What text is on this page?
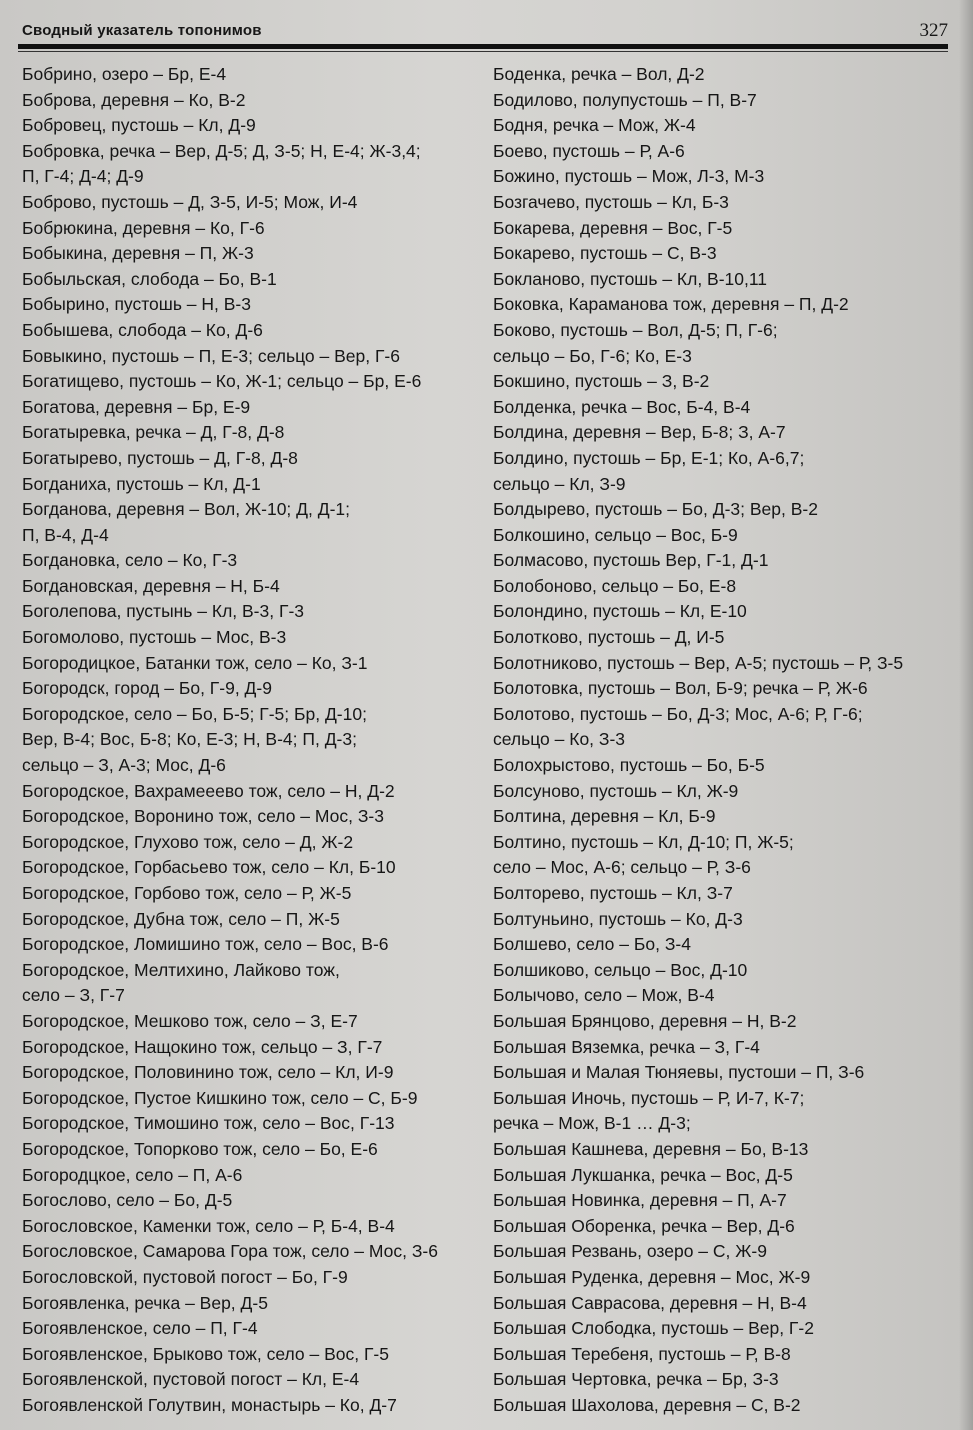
Сводный указатель топонимов	327
Бобрино, озеро – Бр, Е-4
Боброва, деревня – Ко, В-2
Бобровец, пустошь – Кл, Д-9
Бобровка, речка – Вер, Д-5; Д, З-5; Н, Е-4; Ж-3,4;
П, Г-4; Д-4; Д-9
Боброво, пустошь – Д, З-5, И-5; Мож, И-4
Бобрюкина, деревня – Ко, Г-6
Бобыкина, деревня – П, Ж-3
Бобыльская, слобода – Бо, В-1
Бобырино, пустошь – Н, В-3
Бобышева, слобода – Ко, Д-6
Бовыкино, пустошь – П, Е-3; сельцо – Вер, Г-6
Богатищево, пустошь – Ко, Ж-1; сельцо – Бр, Е-6
Богатова, деревня – Бр, Е-9
Богатыревка, речка – Д, Г-8, Д-8
Богатырево, пустошь – Д, Г-8, Д-8
Богданиха, пустошь – Кл, Д-1
Богданова, деревня – Вол, Ж-10; Д, Д-1;
П, В-4, Д-4
Богдановка, село – Ко, Г-3
Богдановская, деревня – Н, Б-4
Боголепова, пустынь – Кл, В-3, Г-3
Богомолово, пустошь – Мос, В-3
Богородицкое, Батанки тож, село – Ко, З-1
Богородск, город – Бо, Г-9, Д-9
Богородское, село – Бо, Б-5; Г-5; Бр, Д-10;
Вер, В-4; Вос, Б-8; Ко, Е-3; Н, В-4; П, Д-3;
сельцо – З, А-3; Мос, Д-6
Богородское, Вахрамееево тож, село – Н, Д-2
Богородское, Воронино тож, село – Мос, З-3
Богородское, Глухово тож, село – Д, Ж-2
Богородское, Горбасьево тож, село – Кл, Б-10
Богородское, Горбово тож, село – Р, Ж-5
Богородское, Дубна тож, село – П, Ж-5
Богородское, Ломишино тож, село – Вос, В-6
Богородское, Мелтихино, Лайково тож,
село – З, Г-7
Богородское, Мешково тож, село – З, Е-7
Богородское, Нащокино тож, сельцо – З, Г-7
Богородское, Половинино тож, село – Кл, И-9
Богородское, Пустое Кишкино тож, село – С, Б-9
Богородское, Тимошино тож, село – Вос, Г-13
Богородское, Топорково тож, село – Бо, Е-6
Богородцкое, село – П, А-6
Богослово, село – Бо, Д-5
Богословское, Каменки тож, село – Р, Б-4, В-4
Богословское, Самарова Гора тож, село – Мос, З-6
Богословской, пустовой погост – Бо, Г-9
Богоявленка, речка – Вер, Д-5
Богоявленское, село – П, Г-4
Богоявленское, Брыково тож, село – Вос, Г-5
Богоявленской, пустовой погост – Кл, Е-4
Богоявленской Голутвин, монастырь – Ко, Д-7
Боденка, речка – Вол, Д-2
Бодилово, полупустошь – П, В-7
Бодня, речка – Мож, Ж-4
Боево, пустошь – Р, А-6
Божино, пустошь – Мож, Л-3, М-3
Бозгачево, пустошь – Кл, Б-3
Бокарева, деревня – Вос, Г-5
Бокарево, пустошь – С, В-3
Бокланово, пустошь – Кл, В-10,11
Боковка, Караманова тож, деревня – П, Д-2
Боково, пустошь – Вол, Д-5; П, Г-6;
сельцо – Бо, Г-6; Ко, Е-3
Бокшино, пустошь – З, В-2
Болденка, речка – Вос, Б-4, В-4
Болдина, деревня – Вер, Б-8; З, А-7
Болдино, пустошь – Бр, Е-1; Ко, А-6,7;
сельцо – Кл, З-9
Болдырево, пустошь – Бо, Д-3; Вер, В-2
Болкошино, сельцо – Вос, Б-9
Болмасово, пустошь Вер, Г-1, Д-1
Болобоново, сельцо – Бо, Е-8
Болондино, пустошь – Кл, Е-10
Болотково, пустошь – Д, И-5
Болотниково, пустошь – Вер, А-5; пустошь – Р, З-5
Болотовка, пустошь – Вол, Б-9; речка – Р, Ж-6
Болотово, пустошь – Бо, Д-3; Мос, А-6; Р, Г-6;
сельцо – Ко, З-3
Болохрыстово, пустошь – Бо, Б-5
Болсуново, пустошь – Кл, Ж-9
Болтина, деревня – Кл, Б-9
Болтино, пустошь – Кл, Д-10; П, Ж-5;
село – Мос, А-6; сельцо – Р, З-6
Болторево, пустошь – Кл, З-7
Болтуньино, пустошь – Ко, Д-3
Болшево, село – Бо, З-4
Болшиково, сельцо – Вос, Д-10
Болычово, село – Мож, В-4
Большая Брянцово, деревня – Н, В-2
Большая Вяземка, речка – З, Г-4
Большая и Малая Тюняевы, пустоши – П, З-6
Большая Иночь, пустошь – Р, И-7, К-7;
речка – Мож, В-1 … Д-3;
Большая Кашнева, деревня – Бо, В-13
Большая Лукшанка, речка – Вос, Д-5
Большая Новинка, деревня – П, А-7
Большая Оборенка, речка – Вер, Д-6
Большая Резвань, озеро – С, Ж-9
Большая Руденка, деревня – Мос, Ж-9
Большая Саврасова, деревня – Н, В-4
Большая Слободка, пустошь – Вер, Г-2
Большая Теребеня, пустошь – Р, В-8
Большая Чертовка, речка – Бр, З-3
Большая Шахолова, деревня – С, В-2
